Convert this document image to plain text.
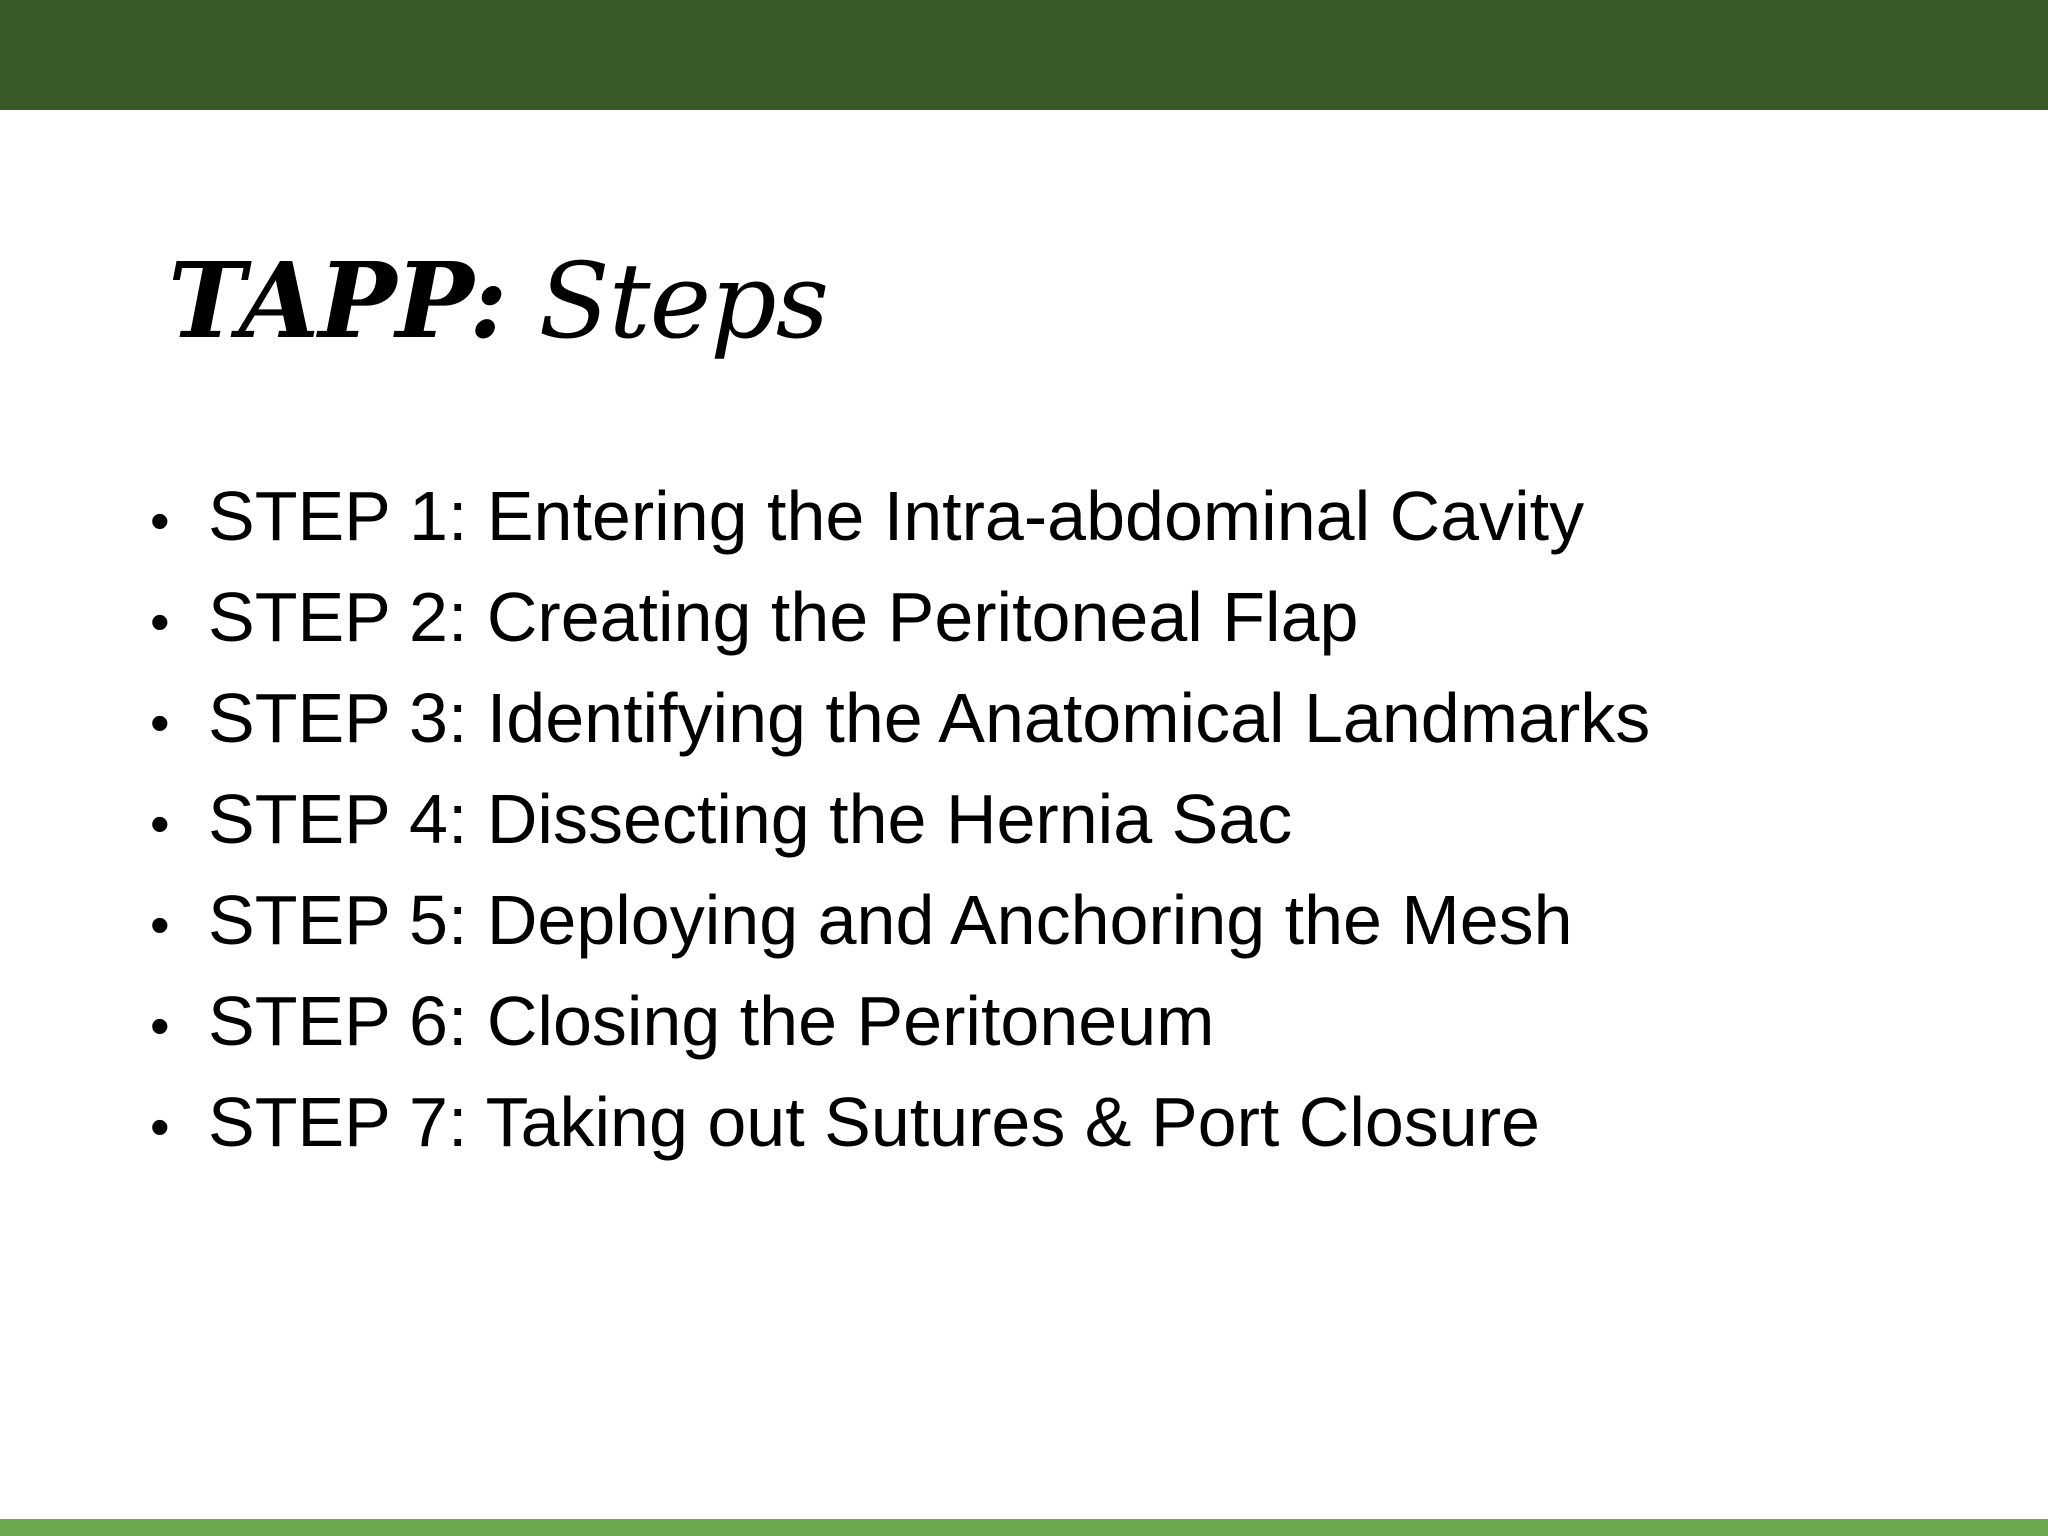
TAPP: Steps
• STEP 1: Entering the Intra-abdominal Cavity
• STEP 2: Creating the Peritoneal Flap
• STEP 3: Identifying the Anatomical Landmarks
• STEP 4: Dissecting the Hernia Sac
• STEP 5: Deploying and Anchoring the Mesh
• STEP 6: Closing the Peritoneum
• STEP 7: Taking out Sutures & Port Closure
